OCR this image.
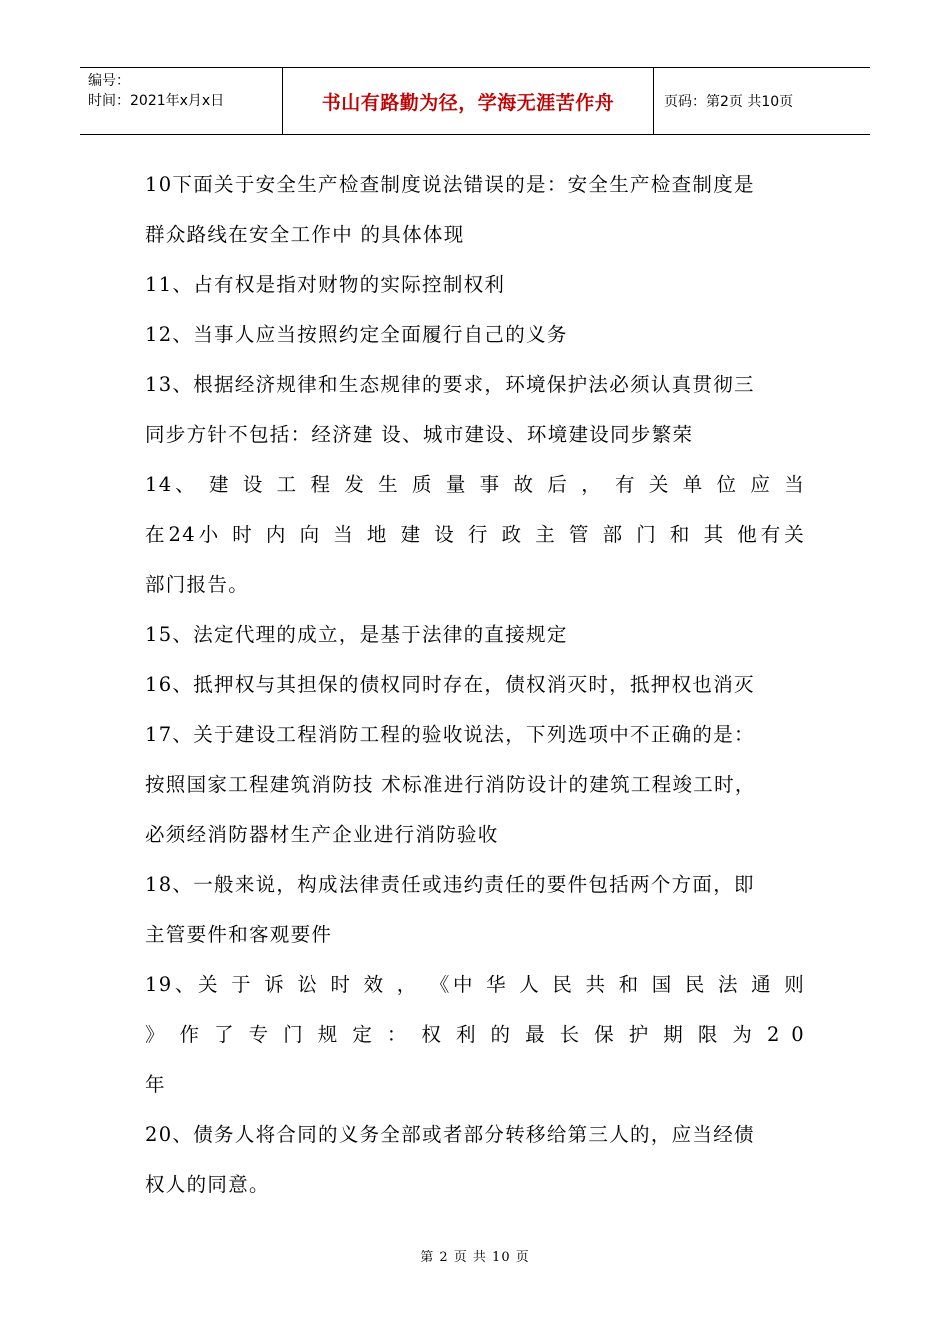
编号：
时间：2021年x月x日	书山有路勤为径，学海无涯苦作舟	页码：第2页 共10页

10下面关于安全生产检查制度说法错误的是：安全生产检查制度是

群众路线在安全工作中 的具体体现

11、占有权是指对财物的实际控制权利

12、当事人应当按照约定全面履行自己的义务

13、根据经济规律和生态规律的要求，环境保护法必须认真贯彻三

同步方针不包括：经济建 设、城市建设、环境建设同步繁荣

14、 建 设 工 程 发 生 质 量 事 故 后 ， 有 关 单 位 应 当

在24小 时 内 向 当 地 建 设 行 政 主 管 部 门 和 其 他有关

部门报告。

15、法定代理的成立，是基于法律的直接规定

16、抵押权与其担保的债权同时存在，债权消灭时，抵押权也消灭

17、关于建设工程消防工程的验收说法，下列选项中不正确的是：

按照国家工程建筑消防技 术标准进行消防设计的建筑工程竣工时，

必须经消防器材生产企业进行消防验收

18、一般来说，构成法律责任或违约责任的要件包括两个方面，即

主管要件和客观要件

19、关 于 诉 讼 时 效 ， 《中 华 人 民 共 和 国 民 法 通 则

》 作 了 专 门 规 定 ： 权 利 的 最 长 保 护 期 限 为 2 0

年

20、债务人将合同的义务全部或者部分转移给第三人的，应当经债

权人的同意。

第 2 页 共 10 页
